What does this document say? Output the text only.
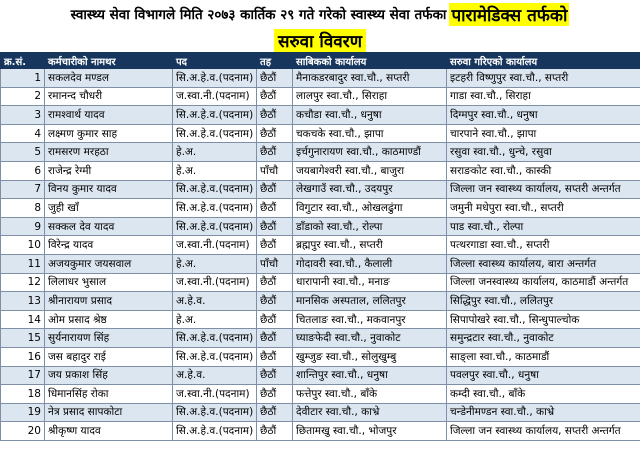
स्वास्थ्य सेवा विभागले मिति २०७३ कार्तिक २९ गते गरेको स्वास्थ्य सेवा तर्फका पारामेडिक्स तर्फको
सरुवा विवरण
क्र.सं.	कर्मचारीको नामथर	पद	तह	साबिकको कार्यालय	सरुवा गरिएको कार्यालय
1	सकलदेव मण्डल	सि.अ.हे.व.(पदनाम)	छैठौं	मैनाकडरबादुर स्वा.चौ., सप्तरी	इटहरी विष्णुपुर स्वा.चौ., सप्तरी
2	रमानन्द चौधरी	ज.स्वा.नी.(पदनाम)	छैठौं	लालपुर स्वा.चौ., सिराहा	गाडा स्वा.चौ., सिराहा
3	रामश्वार्थ यादव	सि.अ.हे.व.(पदनाम)	छैठौं	कचौडा स्वा.चौ., धनुषा	दिग्मपुर स्वा.चौ., धनुषा
4	लक्ष्मण कुमार साह	सि.अ.हे.व.(पदनाम)	छैठौं	चकचके स्वा.चौ., झापा	चारपाने स्वा.चौ., झापा
5	रामसरण मरहठा	हे.अ.	छैठौं	इर्चगुनारायण स्वा.चौ., काठमाण्डौं	रसुवा स्वा.चौ., धुन्चे, रसुवा
6	राजेन्द्र रेग्मी	हे.अ.	पाँचौ	जयबागेश्वरी स्वा.चौ., बाजुरा	सराङकोट स्वा.चौ., कास्की
7	विनय कुमार यादव	सि.अ.हे.व.(पदनाम)	छैठौं	लेखगाउँ स्वा.चौ., उदयपुर	जिल्ला जन स्वास्थ्य कार्यालय, सप्तरी अन्तर्गत
8	जुही खाँ	सि.अ.हे.व.(पदनाम)	छैठौं	विगुटार स्वा.चौ., ओखलढुंगा	जमुनी मधेपुरा स्वा.चौ., सप्तरी
9	सक्कल देव यादव	सि.अ.हे.व.(पदनाम)	छैठौं	डाँडाको स्वा.चौ., रोल्पा	पाड स्वा.चौ., रोल्पा
10	विरेन्द्र यादव	ज.स्वा.नी.(पदनाम)	छैठौं	ब्रह्मपुर स्वा.चौ., सप्तरी	पत्थरगाडा स्वा.चौ., सप्तरी
11	अजयकुमार जयसवाल	हे.अ.	पाँचौ	गोदावरी स्वा.चौ., कैलाली	जिल्ला स्वास्थ्य कार्यालय, बारा अन्तर्गत
12	लिलाधर भुसाल	ज.स्वा.नी.(पदनाम)	छैठौं	धारापानी स्वा.चौ., मनाङ	जिल्ला जनस्वास्थ्य कार्यालय, काठमाडौं अन्तर्गत
13	श्रीनारायण प्रसाद	अ.हे.व.	छैठौं	मानसिक अस्पताल, ललितपुर	सिद्धिपुर स्वा.चौ., ललितपुर
14	ओम प्रसाद श्रेष्ठ	हे.अ.	छैठौं	चितलाङ स्वा.चौ., मकवानपुर	सिपापोखरे स्वा.चौ., सिन्धुपाल्चोक
15	सुर्यनारायण सिंह	सि.अ.हे.व.(पदनाम)	छैठौं	घ्याङफेदी स्वा.चौ., नुवाकोट	समुन्द्रटार स्वा.चौ., नुवाकोट
16	जस बहादुर राई	सि.अ.हे.व.(पदनाम)	छैठौं	खुम्जुङ स्वा.चौ., सोलुखुम्बु	साङ्ला स्वा.चौ., काठमाडौं
17	जय प्रकाश सिंह	अ.हे.व.	छैठौं	शान्तिपुर स्वा.चौ., धनुषा	पवलपुर स्वा.चौ., धनुषा
18	धिमानसिंह रोका	ज.स्वा.नी.(पदनाम)	छैठौं	फत्तेपुर स्वा.चौ., बाँके	कम्दी स्वा.चौ., बाँके
19	नेत्र प्रसाद सापकोटा	सि.अ.हे.व.(पदनाम)	छैठौं	देवीटार स्वा.चौ., काभ्रे	चन्डेनीमण्डन स्वा.चौ., काभ्रे
20	श्रीकृष्ण यादव	सि.अ.हे.व.(पदनाम)	छैठौं	छितामखु स्वा.चौ., भोजपुर	जिल्ला जन स्वास्थ्य कार्यालय, सप्तरी अन्तर्गत
